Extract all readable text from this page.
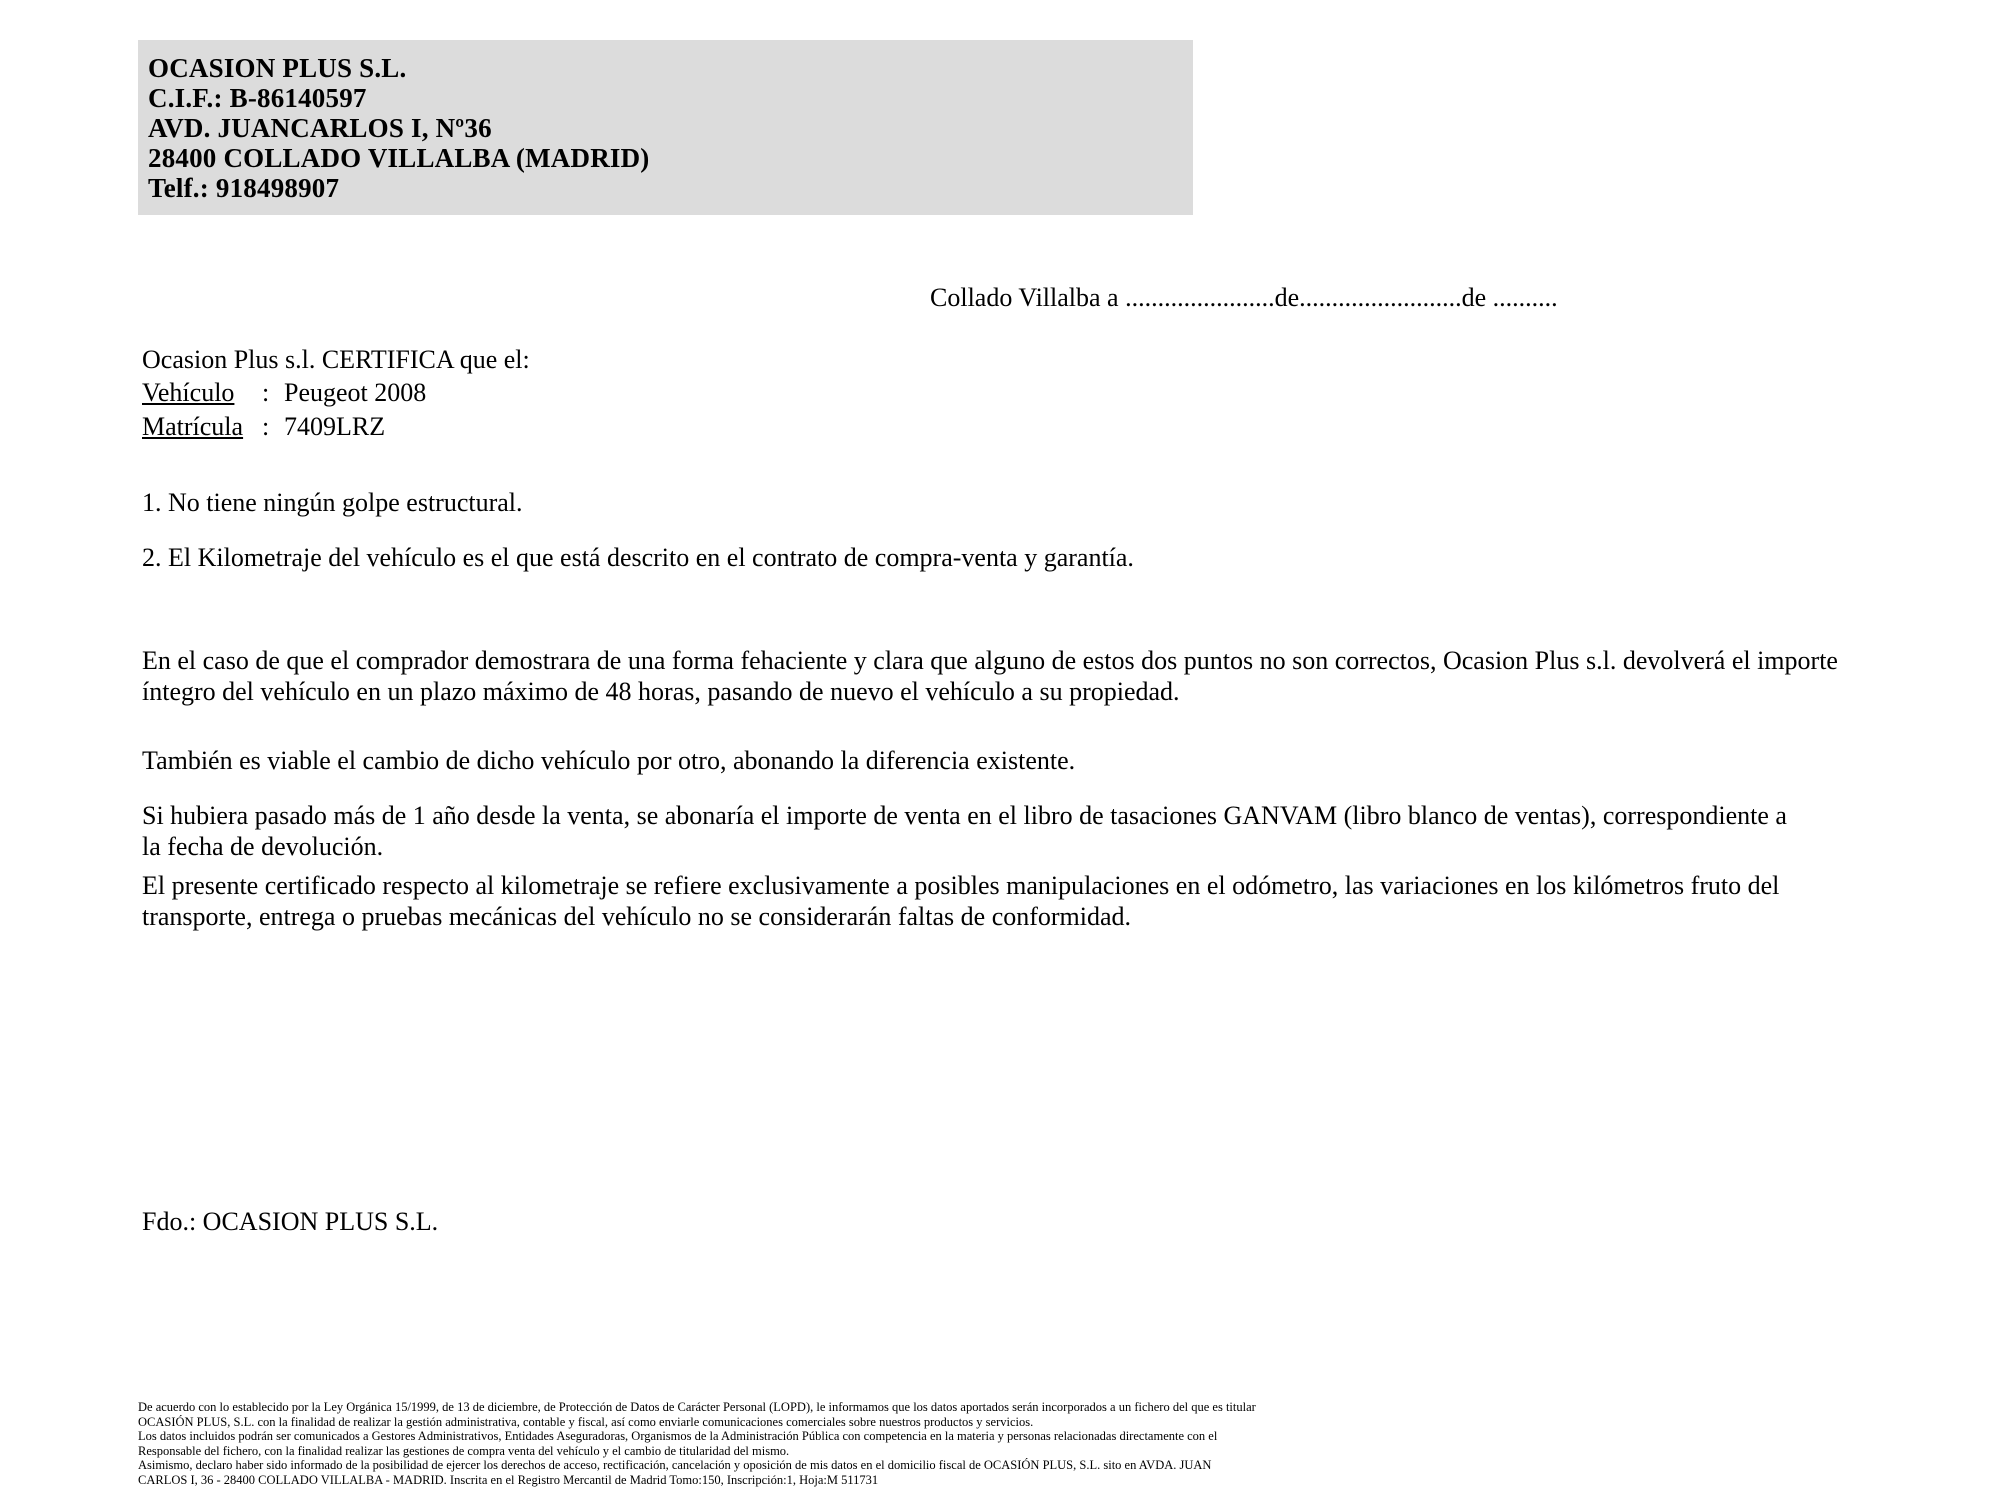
OCASION PLUS S.L.
C.I.F.: B-86140597
AVD. JUANCARLOS I, Nº36
28400 COLLADO VILLALBA (MADRID)
Telf.: 918498907
Collado Villalba a .......................de.........................de ..........
Ocasion Plus s.l. CERTIFICA que el:
Vehículo : Peugeot 2008
Matrícula : 7409LRZ
1. No tiene ningún golpe estructural.
2. El Kilometraje del vehículo es el que está descrito en el contrato de compra-venta y garantía.
En el caso de que el comprador demostrara de una forma fehaciente y clara que alguno de estos dos puntos no son correctos, Ocasion Plus s.l. devolverá el importe íntegro del vehículo en un plazo máximo de 48 horas, pasando de nuevo el vehículo a su propiedad.
También es viable el cambio de dicho vehículo por otro, abonando la diferencia existente.
Si hubiera pasado más de 1 año desde la venta, se abonaría el importe de venta en el libro de tasaciones GANVAM (libro blanco de ventas), correspondiente a la fecha de devolución.
El presente certificado respecto al kilometraje se refiere exclusivamente a posibles manipulaciones en el odómetro, las variaciones en los kilómetros fruto del transporte, entrega o pruebas mecánicas del vehículo no se considerarán faltas de conformidad.
Fdo.: OCASION PLUS S.L.

De acuerdo con lo establecido por la Ley Orgánica 15/1999, de 13 de diciembre, de Protección de Datos de Carácter Personal (LOPD), le informamos que los datos aportados serán incorporados a un fichero del que es titular

OCASIÓN PLUS, S.L. con la finalidad de realizar la gestión administrativa, contable y fiscal, así como enviarle comunicaciones comerciales sobre nuestros productos y servicios.

Los datos incluidos podrán ser comunicados a Gestores Administrativos, Entidades Aseguradoras, Organismos de la Administración Pública con competencia en la materia y personas relacionadas directamente con el

Responsable del fichero, con la finalidad realizar las gestiones de compra venta del vehículo y el cambio de titularidad del mismo.

Asimismo, declaro haber sido informado de la posibilidad de ejercer los derechos de acceso, rectificación, cancelación y oposición de mis datos en el domicilio fiscal de OCASIÓN PLUS, S.L. sito en AVDA. JUAN

CARLOS I, 36 - 28400 COLLADO VILLALBA - MADRID. Inscrita en el Registro Mercantil de Madrid Tomo:150, Inscripción:1, Hoja:M 511731
